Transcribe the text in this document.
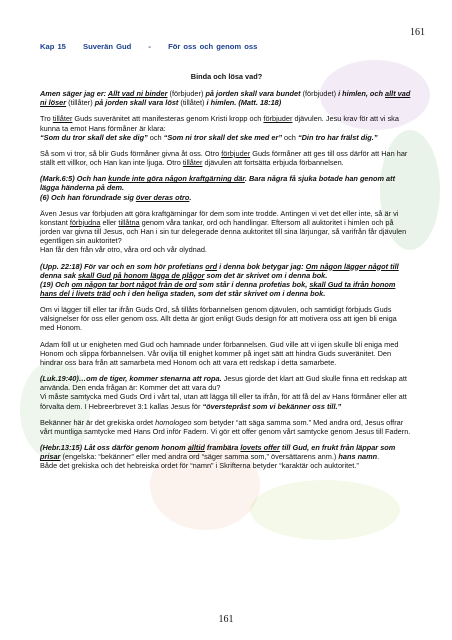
161
Kap 15 Suverän Gud - För oss och genom oss

Binda och lösa vad?

Amen säger jag er: Allt vad ni binder (förbjuder) på jorden skall vara bundet (förbjudet) i himlen, och allt vad ni löser (tillåter) på jorden skall vara löst (tillåtet) i himlen. (Matt. 18:18)

Tro tillåter Guds suveränitet att manifesteras genom Kristi kropp och förbjuder djävulen. Jesu krav för att vi ska kunna ta emot Hans förmåner är klara:
“Som du tror skall det ske dig” och “Som ni tror skall det ske med er” och “Din tro har frälst dig.”

Så som vi tror, så blir Guds förmåner givna åt oss. Otro förbjuder Guds förmåner att ges till oss därför att Han har ställt ett villkor, och Han kan inte ljuga. Otro tillåter djävulen att fortsätta erbjuda förbannelsen.

(Mark.6:5) Och han kunde inte göra någon kraftgärning där. Bara några få sjuka botade han genom att lägga händerna på dem.
(6) Och han förundrade sig över deras otro.

Även Jesus var förbjuden att göra kraftgärningar för dem som inte trodde. Antingen vi vet det eller inte, så är vi konstant förbjudna eller tillåtna genom våra tankar, ord och handlingar. Eftersom all auktoritet i himlen och på jorden var givna till Jesus, och Han i sin tur delegerade denna auktoritet till sina lärjungar, så varifrån får djävulen egentligen sin auktoritet?
Han får den från vår otro, våra ord och vår olydnad.

(Upp. 22:18) För var och en som hör profetians ord i denna bok betygar jag: Om någon lägger något till denna sak skall Gud på honom lägga de plågor som det är skrivet om i denna bok.
(19) Och om någon tar bort något från de ord som står i denna profetias bok, skall Gud ta ifrån honom hans del i livets träd och i den heliga staden, som det står skrivet om i denna bok.

Om vi lägger till eller tar ifrån Guds Ord, så tillåts förbannelsen genom djävulen, och samtidigt förbjuds Guds välsignelser för oss eller genom oss. Allt detta är gjort enligt Guds design för att motivera oss att igen bli eniga med Honom.

Adam föll ut ur enigheten med Gud och hamnade under förbannelsen. Gud ville att vi igen skulle bli eniga med Honom och slippa förbannelsen. Vår ovilja till enighet kommer på inget sätt att hindra Guds suveränitet. Den hindrar oss bara från att samarbeta med Honom och att vara ett redskap i detta samarbete.

(Luk.19:40)…om de tiger, kommer stenarna att ropa. Jesus gjorde det klart att Gud skulle finna ett redskap att använda. Den enda frågan är: Kommer det att vara du?
Vi måste samtycka med Guds Ord i vårt tal, utan att lägga till eller ta ifrån, för att få del av Hans förmåner eller att förvalta dem. I Hebreerbrevet 3:1 kallas Jesus för “översteprâst som vi bekänner oss till.”

Bekänner här är det grekiska ordet homologeo som betyder “att säga samma som.” Med andra ord, Jesus offrar vårt muntliga samtycke med Hans Ord inför Fadern. Vi gör ett offer genom vårt samtycke genom Jesus till Fadern.

(Hebr.13:15) Låt oss därför genom honom alltid frambära lovets offer till Gud, en frukt från läppar som prisar (engelska: “bekänner” eller med andra ord “säger samma som,” översättarens anm.) hans namn.
Både det grekiska och det hebreiska ordet för “namn” i Skrifterna betyder “karaktär och auktoritet.”

161
